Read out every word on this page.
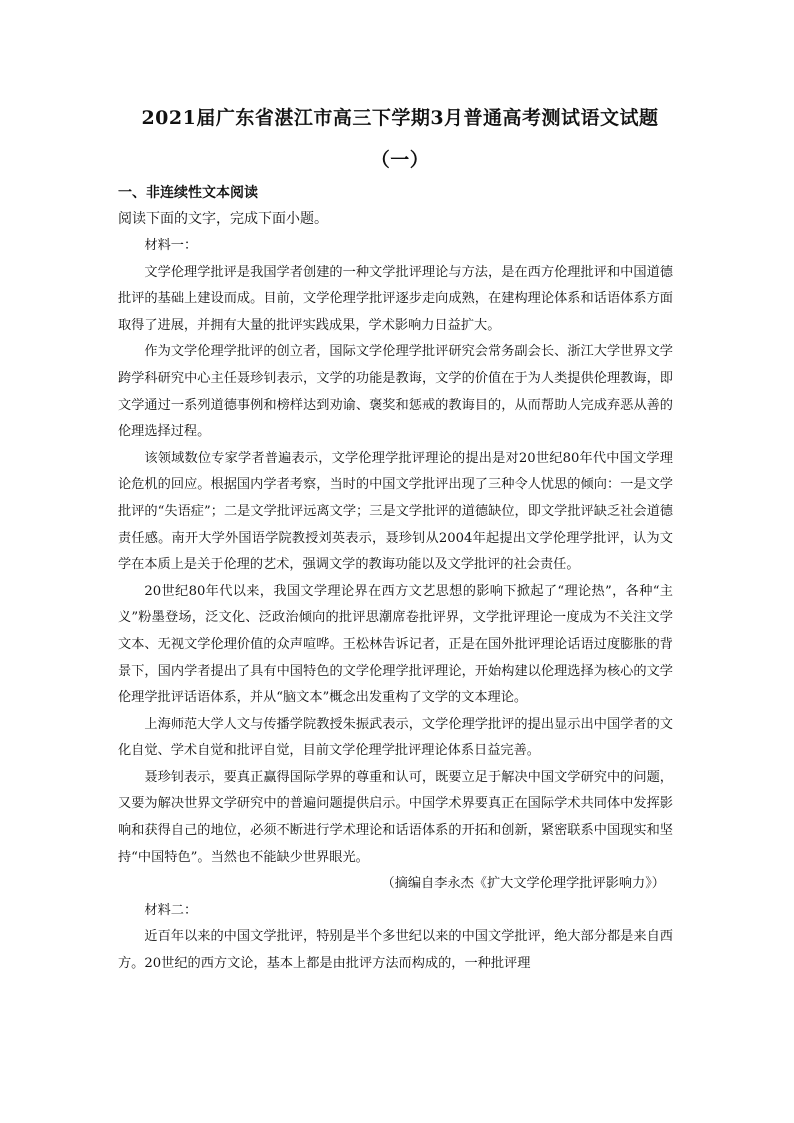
2021届广东省湛江市高三下学期3月普通高考测试语文试题
（一）
一、非连续性文本阅读
阅读下面的文字，完成下面小题。

材料一：

文学伦理学批评是我国学者创建的一种文学批评理论与方法，是在西方伦理批评和中国道德批评的基础上建设而成。目前，文学伦理学批评逐步走向成熟，在建构理论体系和话语体系方面取得了进展，并拥有大量的批评实践成果，学术影响力日益扩大。

作为文学伦理学批评的创立者，国际文学伦理学批评研究会常务副会长、浙江大学世界文学跨学科研究中心主任聂珍钊表示，文学的功能是教诲，文学的价值在于为人类提供伦理教诲，即文学通过一系列道德事例和榜样达到劝谕、褒奖和惩戒的教诲目的，从而帮助人完成弃恶从善的伦理选择过程。

该领域数位专家学者普遍表示，文学伦理学批评理论的提出是对20世纪80年代中国文学理论危机的回应。根据国内学者考察，当时的中国文学批评出现了三种令人忧思的倾向：一是文学批评的“失语症”；二是文学批评远离文学；三是文学批评的道德缺位，即文学批评缺乏社会道德责任感。南开大学外国语学院教授刘英表示，聂珍钊从2004年起提出文学伦理学批评，认为文学在本质上是关于伦理的艺术，强调文学的教诲功能以及文学批评的社会责任。

20世纪80年代以来，我国文学理论界在西方文艺思想的影响下掀起了“理论热”，各种“主义”粉墨登场，泛文化、泛政治倾向的批评思潮席卷批评界，文学批评理论一度成为不关注文学文本、无视文学伦理价值的众声喧哗。王松林告诉记者，正是在国外批评理论话语过度膨胀的背景下，国内学者提出了具有中国特色的文学伦理学批评理论，开始构建以伦理选择为核心的文学伦理学批评话语体系，并从“脑文本”概念出发重构了文学的文本理论。

上海师范大学人文与传播学院教授朱振武表示，文学伦理学批评的提出显示出中国学者的文化自觉、学术自觉和批评自觉，目前文学伦理学批评理论体系日益完善。

聂珍钊表示，要真正赢得国际学界的尊重和认可，既要立足于解决中国文学研究中的问题，又要为解决世界文学研究中的普遍问题提供启示。中国学术界要真正在国际学术共同体中发挥影响和获得自己的地位，必须不断进行学术理论和话语体系的开拓和创新，紧密联系中国现实和坚持“中国特色”。当然也不能缺少世界眼光。

（摘编自李永杰《扩大文学伦理学批评影响力》）

材料二：

近百年以来的中国文学批评，特别是半个多世纪以来的中国文学批评，绝大部分都是来自西方。20世纪的西方文论，基本上都是由批评方法而构成的，一种批评理
